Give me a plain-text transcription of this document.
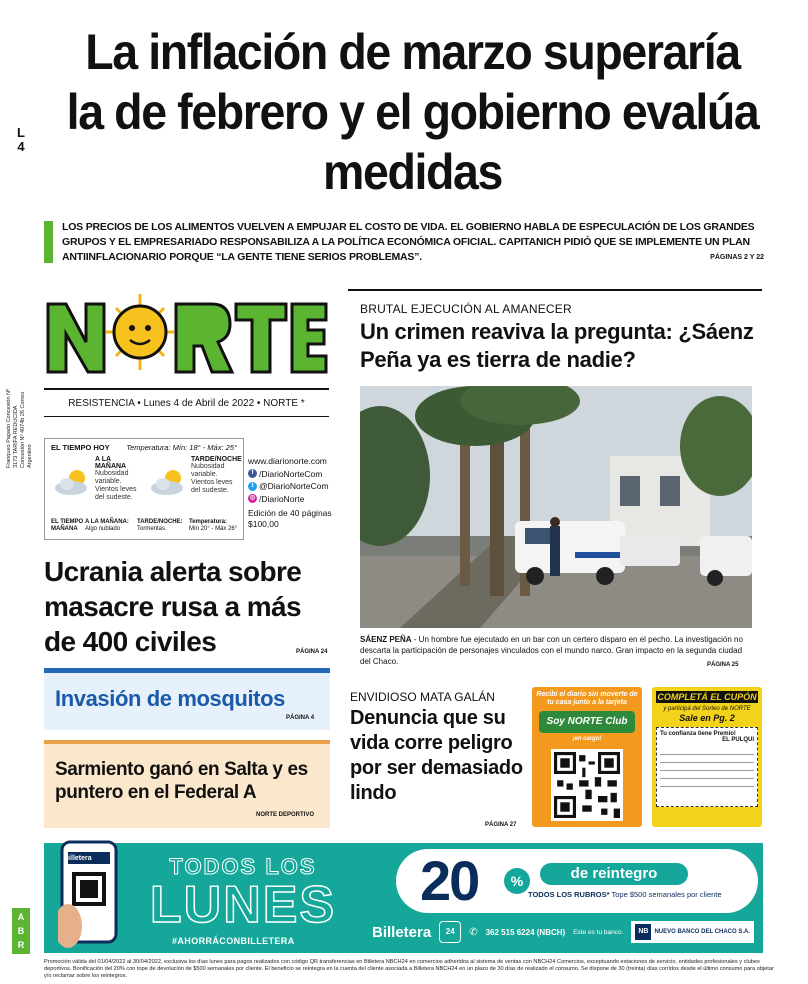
L
4
La inflación de marzo superaría la de febrero y el gobierno evalúa medidas

LOS PRECIOS DE LOS ALIMENTOS VUELVEN A EMPUJAR EL COSTO DE VIDA. EL GOBIERNO HABLA DE ESPECULACIÓN DE LOS GRANDES GRUPOS Y EL EMPRESARIADO RESPONSABILIZA A LA POLÍTICA ECONÓMICA OFICIAL. CAPITANICH PIDIÓ QUE SE IMPLEMENTE UN PLAN ANTIINFLACIONARIO PORQUE “LA GENTE TIENE SERIOS PROBLEMAS”.	PÁGINAS 2 Y 22
RESISTENCIA • Lunes 4 de Abril de 2022 • NORTE *
Franqueo Pagado Concesión Nº 3173 TARIFA REDUCIDA Concesión Nº 4074b 26 Correo Argentino	EL TIEMPO HOY Temperatura: Mín: 18° - Máx: 25°
A LA MAÑANA
Nubosidad variable. Vientos leves del sudeste.
TARDE/NOCHE
Nubosidad variable. Vientos leves del sudeste.
EL TIEMPO MAÑANA
A LA MAÑANA:
Algo nublado
TARDE/NOCHE:
Tormentas.
Temperatura:
Mín 20° - Máx 26°
www.diarionorte.com
f /DiarioNorteCom
t @DiarioNorteCom
◎ /DiarioNorte
Edición de 40 páginas $100,00
Ucrania alerta sobre masacre rusa a más de 400 civiles	PÁGINA 24
Invasión de mosquitos
PÁGINA 4
Sarmiento ganó en Salta y es puntero en el Federal A
NORTE DEPORTIVO
BRUTAL EJECUCIÓN AL AMANECER
Un crimen reaviva la pregunta: ¿Sáenz Peña ya es tierra de nadie?

SÁENZ PEÑA - Un hombre fue ejecutado en un bar con un certero disparo en el pecho. La investigación no descarta la participación de personajes vinculados con el mundo narco. Gran impacto en la segunda ciudad del Chaco.	PÁGINA 25
ENVIDIOSO MATA GALÁN
Denuncia que su vida corre peligro por ser demasiado lindo
PÁGINA 27
Recibí el diario sin moverte de tu casa junto a la tarjeta
Soy NORTE Club
¡en cargo!
COMPLETÁ EL CUPÓN
y participá del Sorteo de NORTE
Sale en Pg. 2
Tu confianza tiene Premio!
EL PULQUI
Billetera	TODOS LOS
LUNES
#AHORRÁCONBILLETERA
20	%	de reintegro
TODOS LOS RUBROS* Tope $500 semanales por cliente
Billetera	24	✆ 362 515 6224 (NBCH) Este es tu banco.	NB NUEVO BANCO DEL CHACO S.A.
A
B
R

Promoción válida del 01/04/2022 al 30/04/2022, exclusiva los días lunes para pagos realizados con código QR transferencias en Billetera NBCH24 en comercios adheridos al sistema de ventas con NBCH24 Comercios, exceptuando estaciones de servicio, entidades profesionales y clubes deportivos. Bonificación del 20% con tope de devolución de $500 semanales por cliente. El beneficio se reintegra en la cuenta del cliente asociada a Billetera NBCH24 en un plazo de 30 días de realizado el consumo. Se dispone de 30 (treinta) días corridos desde el último consumo para objetar y/o reclamar sobre los reintegros.
